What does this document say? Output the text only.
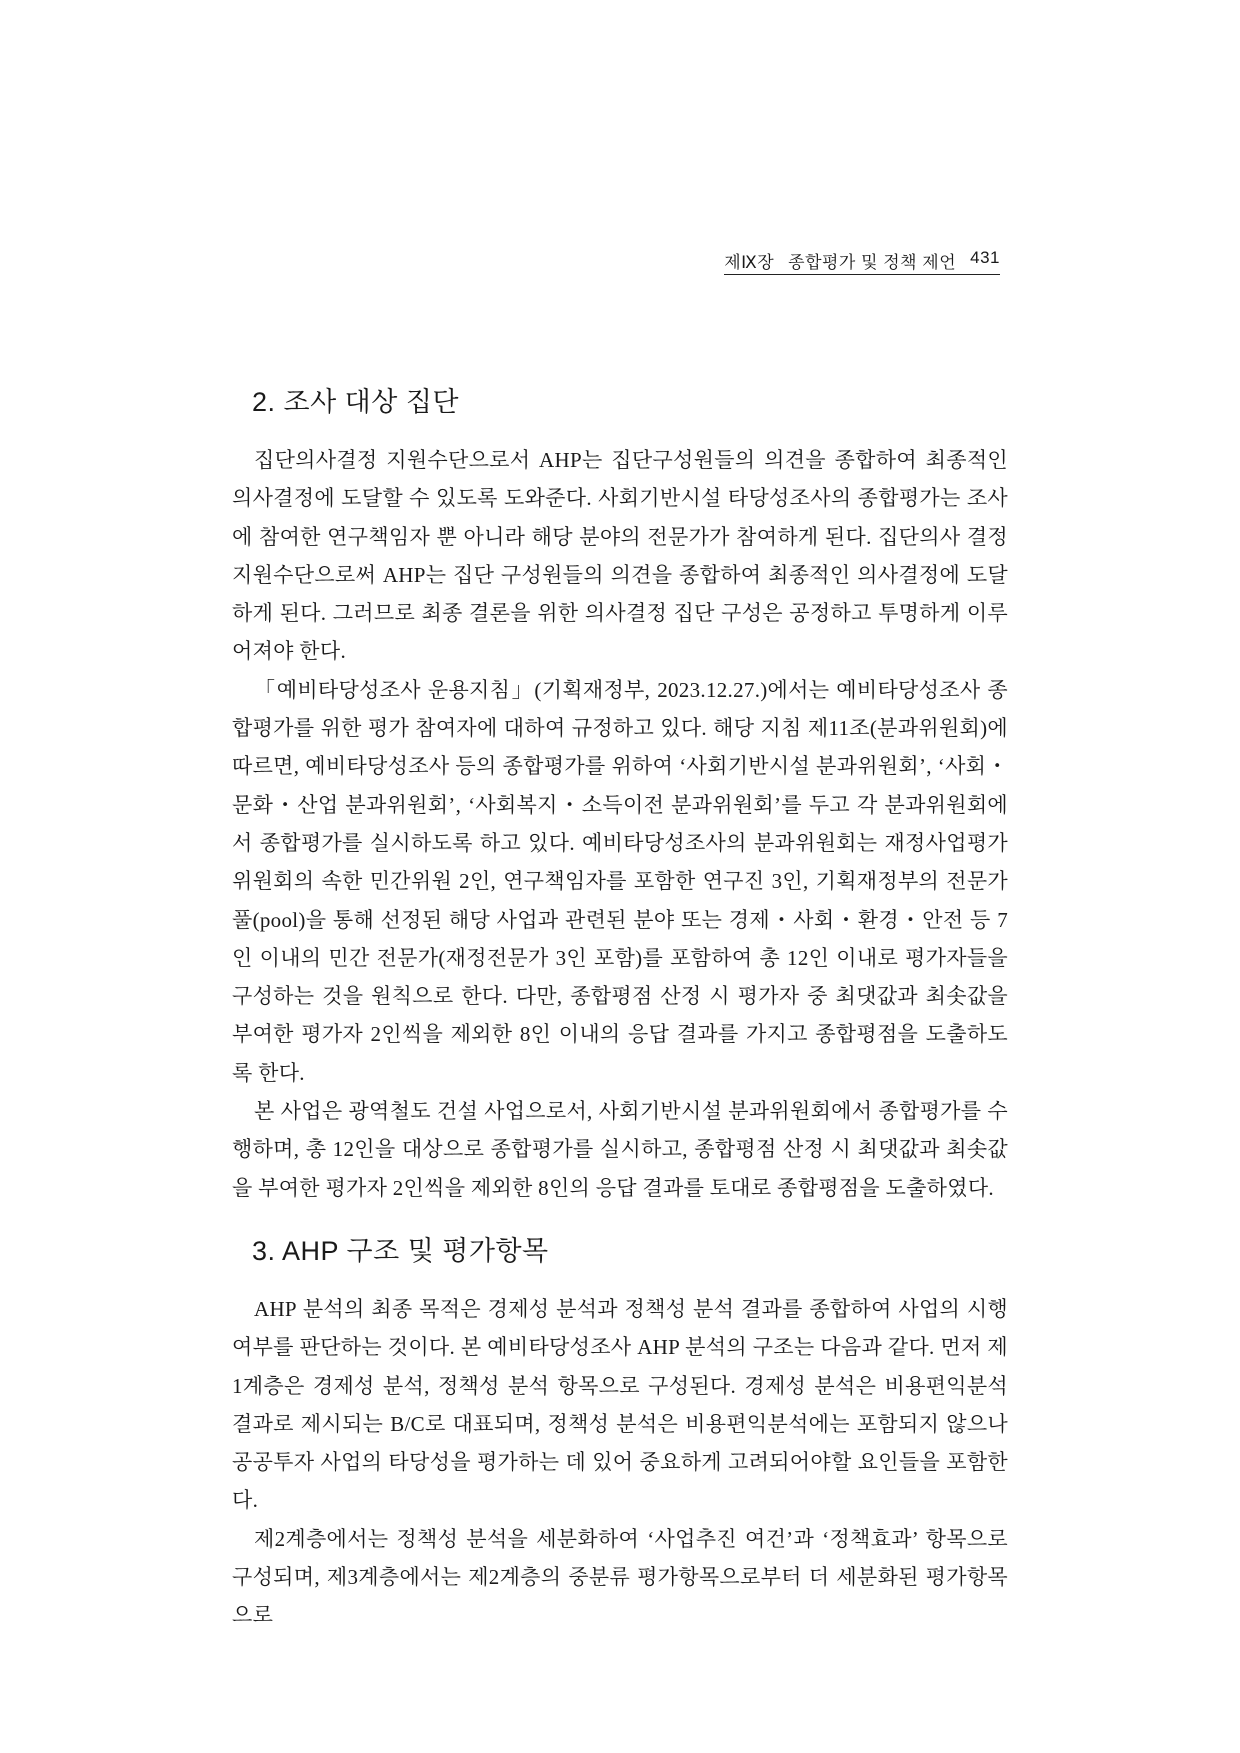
제Ⅸ장 종합평가 및 정책 제언 431
2. 조사 대상 집단

집단의사결정 지원수단으로서 AHP는 집단구성원들의 의견을 종합하여 최종적인 의사결정에 도달할 수 있도록 도와준다. 사회기반시설 타당성조사의 종합평가는 조사에 참여한 연구책임자 뿐 아니라 해당 분야의 전문가가 참여하게 된다. 집단의사 결정 지원수단으로써 AHP는 집단 구성원들의 의견을 종합하여 최종적인 의사결정에 도달하게 된다. 그러므로 최종 결론을 위한 의사결정 집단 구성은 공정하고 투명하게 이루어져야 한다.

「예비타당성조사 운용지침」(기획재정부, 2023.12.27.)에서는 예비타당성조사 종합평가를 위한 평가 참여자에 대하여 규정하고 있다. 해당 지침 제11조(분과위원회)에 따르면, 예비타당성조사 등의 종합평가를 위하여 ‘사회기반시설 분과위원회’, ‘사회・문화・산업 분과위원회’, ‘사회복지・소득이전 분과위원회’를 두고 각 분과위원회에서 종합평가를 실시하도록 하고 있다. 예비타당성조사의 분과위원회는 재정사업평가위원회의 속한 민간위원 2인, 연구책임자를 포함한 연구진 3인, 기획재정부의 전문가 풀(pool)을 통해 선정된 해당 사업과 관련된 분야 또는 경제・사회・환경・안전 등 7인 이내의 민간 전문가(재정전문가 3인 포함)를 포함하여 총 12인 이내로 평가자들을 구성하는 것을 원칙으로 한다. 다만, 종합평점 산정 시 평가자 중 최댓값과 최솟값을 부여한 평가자 2인씩을 제외한 8인 이내의 응답 결과를 가지고 종합평점을 도출하도록 한다.

본 사업은 광역철도 건설 사업으로서, 사회기반시설 분과위원회에서 종합평가를 수행하며, 총 12인을 대상으로 종합평가를 실시하고, 종합평점 산정 시 최댓값과 최솟값을 부여한 평가자 2인씩을 제외한 8인의 응답 결과를 토대로 종합평점을 도출하였다.

3. AHP 구조 및 평가항목

AHP 분석의 최종 목적은 경제성 분석과 정책성 분석 결과를 종합하여 사업의 시행여부를 판단하는 것이다. 본 예비타당성조사 AHP 분석의 구조는 다음과 같다. 먼저 제1계층은 경제성 분석, 정책성 분석 항목으로 구성된다. 경제성 분석은 비용편익분석 결과로 제시되는 B/C로 대표되며, 정책성 분석은 비용편익분석에는 포함되지 않으나 공공투자 사업의 타당성을 평가하는 데 있어 중요하게 고려되어야할 요인들을 포함한다.

제2계층에서는 정책성 분석을 세분화하여 ‘사업추진 여건’과 ‘정책효과’ 항목으로 구성되며, 제3계층에서는 제2계층의 중분류 평가항목으로부터 더 세분화된 평가항목으로
